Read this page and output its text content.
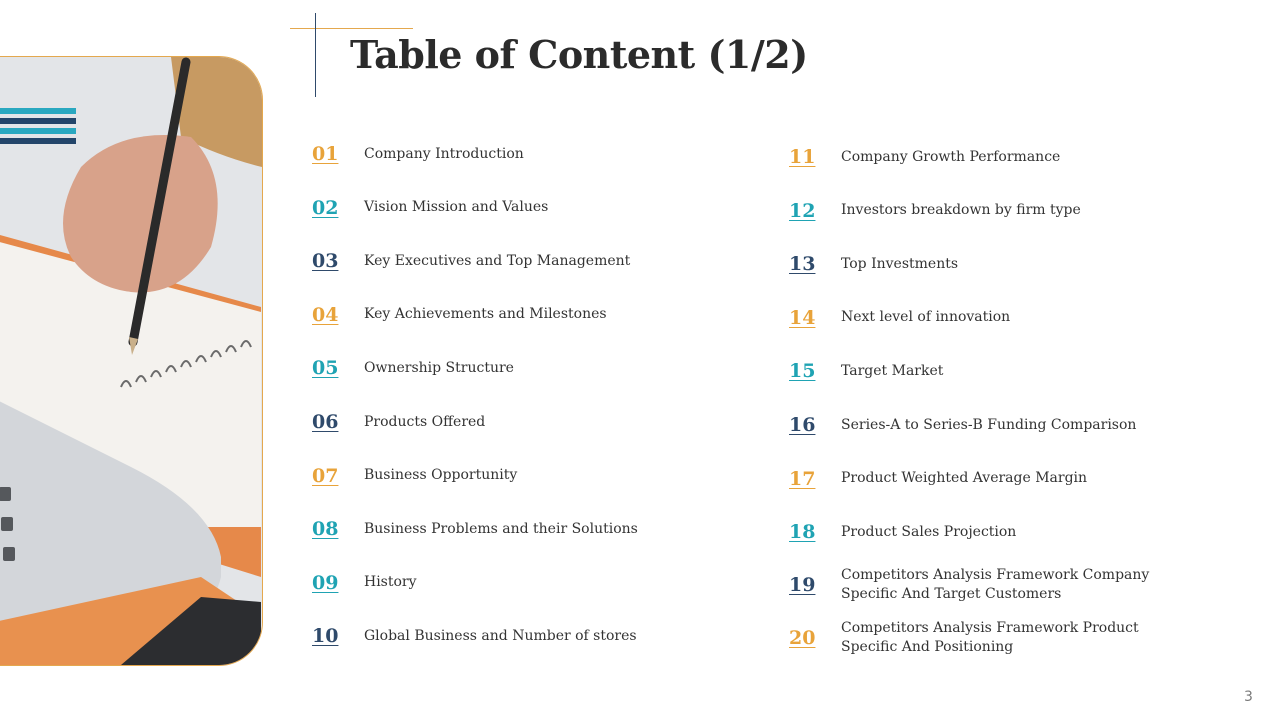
Table of Content (1/2)
01	Company Introduction
02	Vision Mission and Values
03	Key Executives and Top Management
04	Key Achievements and Milestones
05	Ownership Structure
06	Products Offered
07	Business Opportunity
08	Business Problems and their Solutions
09	History
10	Global Business and Number of stores
11	Company Growth Performance
12	Investors breakdown by firm type
13	Top Investments
14	Next level of innovation
15	Target Market
16	Series-A to Series-B Funding Comparison
17	Product Weighted Average Margin
18	Product Sales Projection
19	Competitors Analysis Framework Company
Specific And Target Customers
20	Competitors Analysis Framework Product
Specific And Positioning
3
